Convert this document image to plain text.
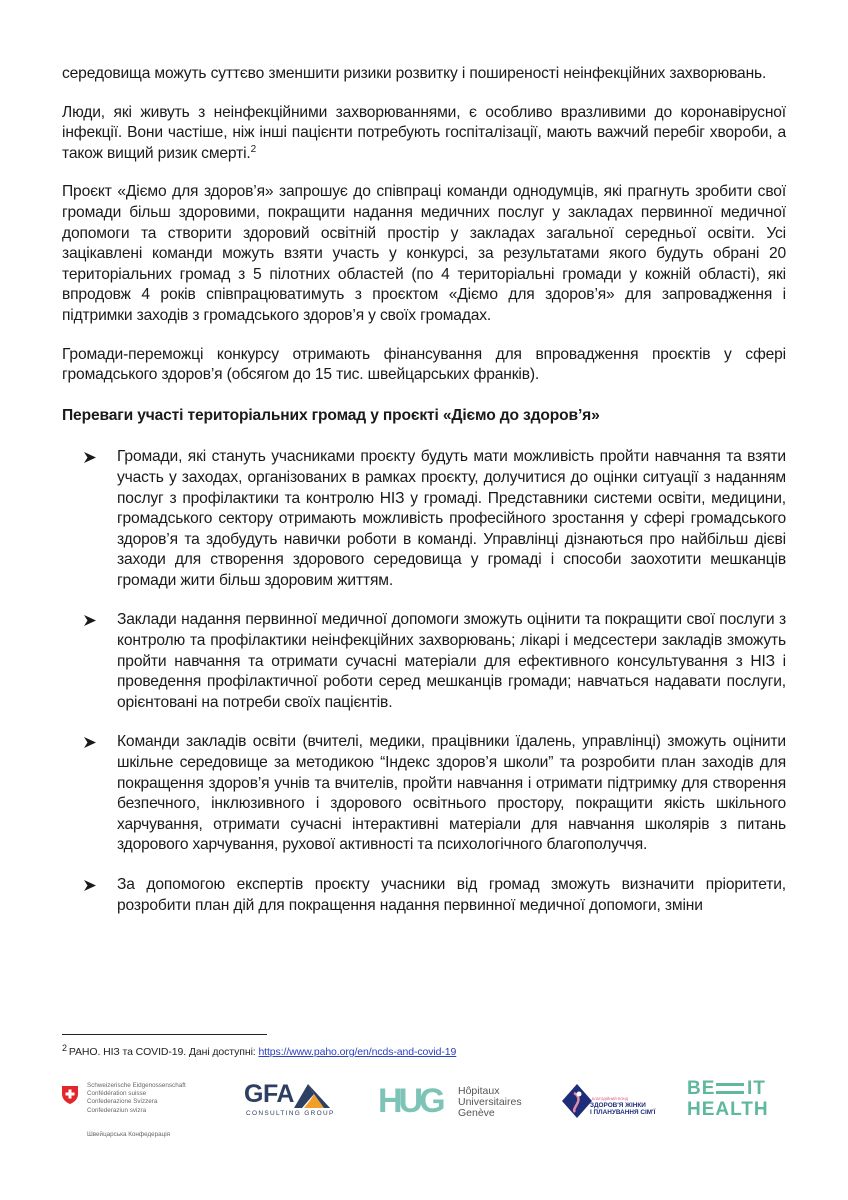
середовища можуть суттєво зменшити ризики розвитку і поширеності неінфекційних захворювань.

Люди, які живуть з неінфекційними захворюваннями, є особливо вразливими до коронавірусної інфекції. Вони частіше, ніж інші пацієнти потребують госпіталізації, мають важчий перебіг хвороби, а також вищий ризик смерті.$^2$

Проєкт «Діємо для здоров’я» запрошує до співпраці команди однодумців, які прагнуть зробити свої громади більш здоровими, покращити надання медичних послуг у закладах первинної медичної допомоги та створити здоровий освітній простір у закладах загальної середньої освіти. Усі зацікавлені команди можуть взяти участь у конкурсі, за результатами якого будуть обрані 20 територіальних громад з 5 пілотних областей (по 4 територіальні громади у кожній області), які впродовж 4 років співпрацюватимуть з проєктом «Діємо для здоров’я» для запровадження і підтримки заходів з громадського здоров’я у своїх громадах.

Громади-переможці конкурсу отримають фінансування для впровадження проєктів у сфері громадського здоров’я (обсягом до 15 тис. швейцарських франків).

Переваги участі територіальних громад у проєкті «Діємо до здоров’я»
Громади, які стануть учасниками проєкту будуть мати можливість пройти навчання та взяти участь у заходах, організованих в рамках проєкту, долучитися до оцінки ситуації з наданням послуг з профілактики та контролю НІЗ у громаді. Представники системи освіти, медицини, громадського сектору отримають можливість професійного зростання у сфері громадського здоров’я та здобудуть навички роботи в команді. Управлінці дізнаються про найбільш дієві заходи для створення здорового середовища у громаді і способи заохотити мешканців громади жити більш здоровим життям.
Заклади надання первинної медичної допомоги зможуть оцінити та покращити свої послуги з контролю та профілактики неінфекційних захворювань; лікарі і медсестери закладів зможуть пройти навчання та отримати сучасні матеріали для ефективного консультування з НІЗ і проведення профілактичної роботи серед мешканців громади; навчаться надавати послуги, орієнтовані на потреби своїх пацієнтів.
Команди закладів освіти (вчителі, медики, працівники їдалень, управлінці) зможуть оцінити шкільне середовище за методикою “Індекс здоров’я школи” та розробити план заходів для покращення здоров’я учнів та вчителів, пройти навчання і отримати підтримку для створення безпечного, інклюзивного і здорового освітнього простору, покращити якість шкільного харчування, отримати сучасні інтерактивні матеріали для навчання школярів з питань здорового харчування, рухової активності та психологічного благополуччя.
За допомогою експертів проєкту учасники від громад зможуть визначити пріоритети, розробити план дій для покращення надання первинної медичної допомоги, зміни
2 PAHO. НІЗ та COVID-19. Дані доступні: https://www.paho.org/en/ncds-and-covid-19
Schweizerische Eidgenossenschaft
Confédération suisse
Confederazione Svizzera
Confederaziun svizra
Швейцарська Конфедерація
GFA
CONSULTING GROUP HUG Hôpitaux
Universitaires
Genève
БЛАГОДІЙНИЙ ФОНД
ЗДОРОВ'Я ЖІНКИ
І ПЛАНУВАННЯ СІМ'Ї
BE IT
HEALTH
